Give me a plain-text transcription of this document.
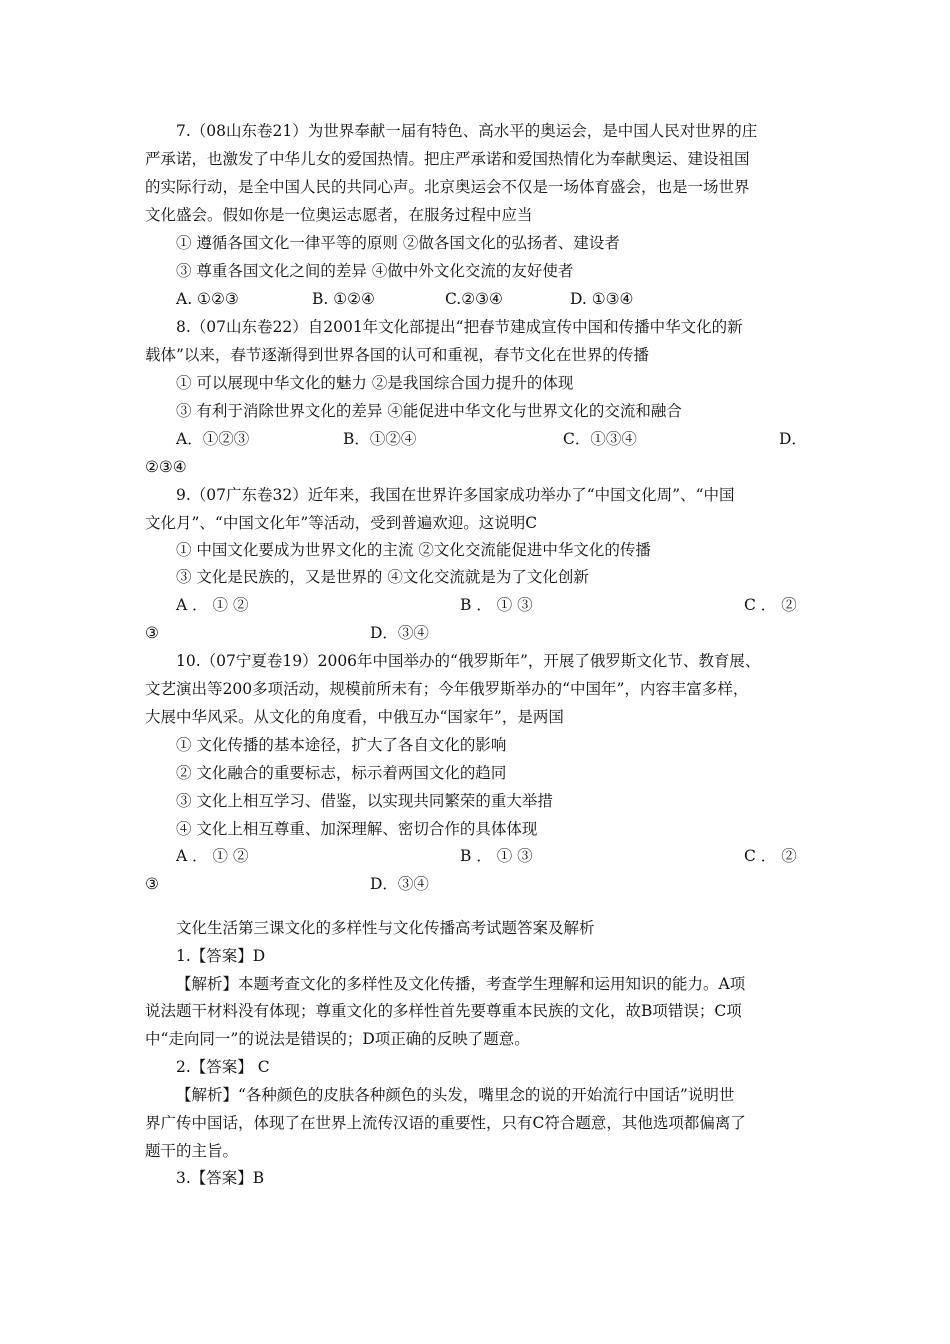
7.（08山东卷21）为世界奉献一届有特色、高水平的奥运会，是中国人民对世界的庄
严承诺，也激发了中华儿女的爱国热情。把庄严承诺和爱国热情化为奉献奥运、建设祖国
的实际行动，是全中国人民的共同心声。北京奥运会不仅是一场体育盛会，也是一场世界
文化盛会。假如你是一位奥运志愿者，在服务过程中应当
① 遵循各国文化一律平等的原则 ②做各国文化的弘扬者、建设者
③ 尊重各国文化之间的差异 ④做中外文化交流的友好使者
A. ①②③	B. ①②④	C.②③④	D. ①③④
8.（07山东卷22）自2001年文化部提出“把春节建成宣传中国和传播中华文化的新
载体”以来，春节逐渐得到世界各国的认可和重视，春节文化在世界的传播
① 可以展现中华文化的魅力 ②是我国综合国力提升的体现
③ 有利于消除世界文化的差异 ④能促进中华文化与世界文化的交流和融合
A．①②③	B．①②④	C．①③④	D．
②③④
9.（07广东卷32）近年来，我国在世界许多国家成功举办了“中国文化周”、“中国
文化月”、“中国文化年”等活动，受到普遍欢迎。这说明C
① 中国文化要成为世界文化的主流 ②文化交流能促进中华文化的传播
③ 文化是民族的，又是世界的 ④文化交流就是为了文化创新
A ． ① ②	B ． ① ③	C ． ②
③	D．③④
10.（07宁夏卷19）2006年中国举办的“俄罗斯年”，开展了俄罗斯文化节、教育展、
文艺演出等200多项活动，规模前所未有；今年俄罗斯举办的“中国年”，内容丰富多样，
大展中华风采。从文化的角度看，中俄互办“国家年”，是两国
① 文化传播的基本途径，扩大了各自文化的影响
② 文化融合的重要标志，标示着两国文化的趋同
③ 文化上相互学习、借鉴，以实现共同繁荣的重大举措
④ 文化上相互尊重、加深理解、密切合作的具体体现
A ． ① ②	B ． ① ③	C ． ②
③	D．③④
文化生活第三课文化的多样性与文化传播高考试题答案及解析
1.【答案】D
【解析】本题考查文化的多样性及文化传播，考查学生理解和运用知识的能力。A项
说法题干材料没有体现；尊重文化的多样性首先要尊重本民族的文化，故B项错误；C项
中“走向同一”的说法是错误的；D项正确的反映了题意。
2.【答案】 C
【解析】“各种颜色的皮肤各种颜色的头发，嘴里念的说的开始流行中国话”说明世
界广传中国话，体现了在世界上流传汉语的重要性，只有C符合题意，其他选项都偏离了
题干的主旨。
3.【答案】B
